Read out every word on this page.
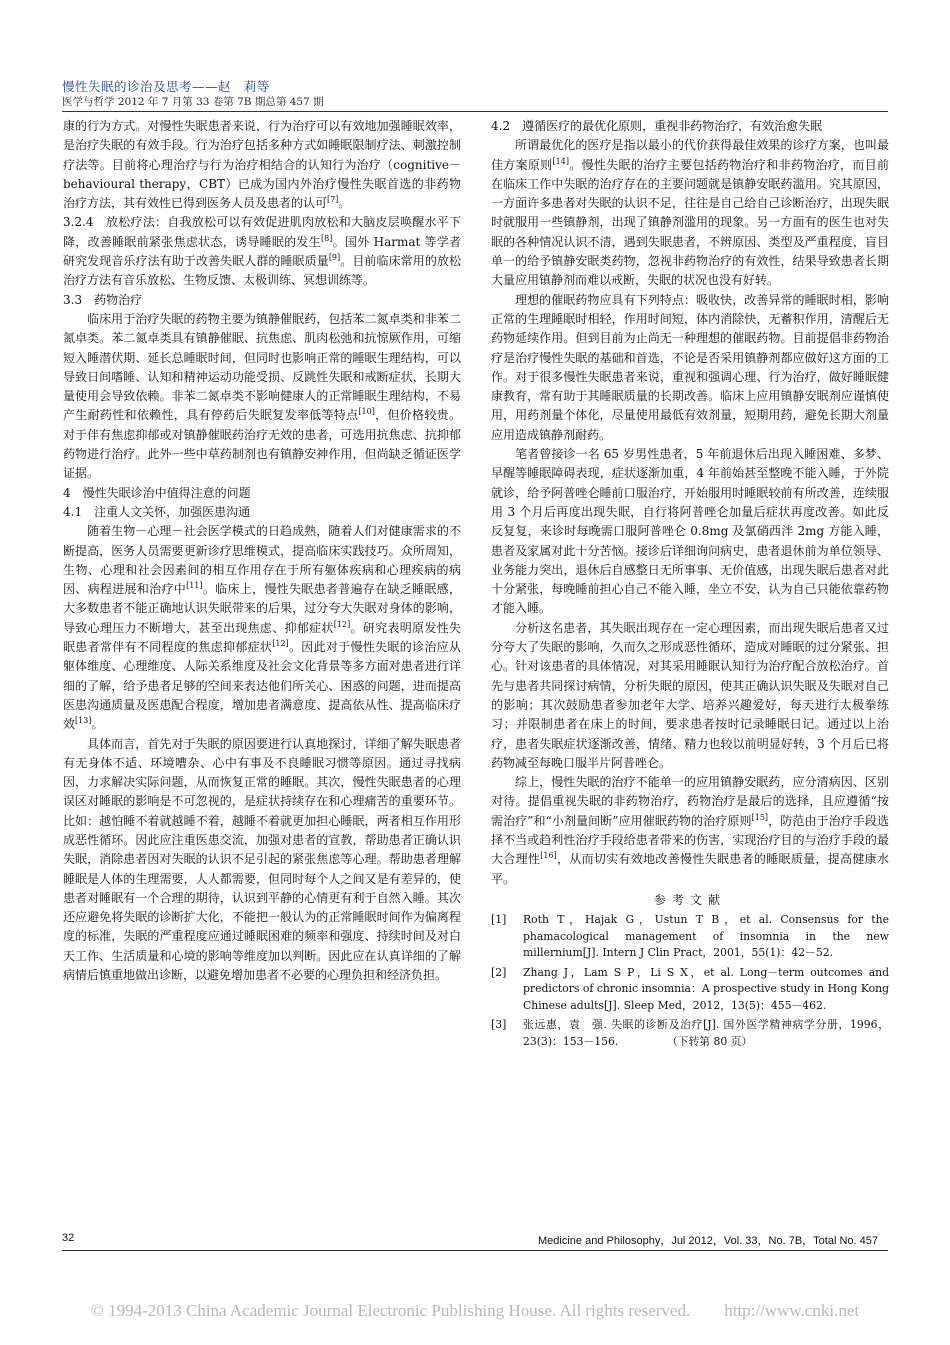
慢性失眠的诊治及思考——赵　莉等
医学与哲学 2012 年 7 月第 33 卷第 7B 期总第 457 期

康的行为方式。对慢性失眠患者来说，行为治疗可以有效地加强睡眠效率，是治疗失眠的有效手段。行为治疗包括多种方式如睡眠限制疗法、刺激控制疗法等。目前将心理治疗与行为治疗相结合的认知行为治疗（cognitive－behavioural therapy，CBT）已成为国内外治疗慢性失眠首选的非药物治疗方法，其有效性已得到医务人员及患者的认可[7]。

3.2.4　放松疗法：自我放松可以有效促进肌肉放松和大脑皮层唤醒水平下降，改善睡眠前紧张焦虑状态，诱导睡眠的发生[8]。国外 Harmat 等学者研究发现音乐疗法有助于改善失眠人群的睡眠质量[9]。目前临床常用的放松治疗方法有音乐放松、生物反馈、太极训练、冥想训练等。

3.3　药物治疗

临床用于治疗失眠的药物主要为镇静催眠药，包括苯二氮卓类和非苯二氮卓类。苯二氮卓类具有镇静催眠、抗焦虑、肌肉松弛和抗惊厥作用，可缩短入睡潜伏期、延长总睡眠时间，但同时也影响正常的睡眠生理结构，可以导致日间嗜睡、认知和精神运动功能受损、反跳性失眠和戒断症状，长期大量使用会导致依赖。非苯二氮卓类不影响健康人的正常睡眠生理结构，不易产生耐药性和依赖性，具有停药后失眠复发率低等特点[10]，但价格较贵。对于伴有焦虑抑郁或对镇静催眠药治疗无效的患者，可选用抗焦虑、抗抑郁药物进行治疗。此外一些中草药制剂也有镇静安神作用，但尚缺乏循证医学证据。

4　慢性失眠诊治中值得注意的问题

4.1　注重人文关怀，加强医患沟通

随着生物－心理－社会医学模式的日趋成熟，随着人们对健康需求的不断提高，医务人员需要更新诊疗思维模式，提高临床实践技巧。众所周知，生物、心理和社会因素间的相互作用存在于所有躯体疾病和心理疾病的病因、病程进展和治疗中[11]。临床上，慢性失眠患者普遍存在缺乏睡眠感，大多数患者不能正确地认识失眠带来的后果，过分夸大失眠对身体的影响，导致心理压力不断增大，甚至出现焦虑、抑郁症状[12]。研究表明原发性失眠患者常伴有不同程度的焦虑抑郁症状[12]。因此对于慢性失眠的诊治应从躯体维度、心理维度、人际关系维度及社会文化背景等多方面对患者进行详细的了解，给予患者足够的空间来表达他们所关心、困惑的问题，进而提高医患沟通质量及医患配合程度，增加患者满意度、提高依从性、提高临床疗效[13]。

具体而言，首先对于失眠的原因要进行认真地探讨，详细了解失眠患者有无身体不适、环境嘈杂、心中有事及不良睡眠习惯等原因。通过寻找病因，力求解决实际问题，从而恢复正常的睡眠。其次，慢性失眠患者的心理误区对睡眠的影响是不可忽视的，是症状持续存在和心理痛苦的重要环节。比如：越怕睡不着就越睡不着，越睡不着就更加担心睡眠，两者相互作用形成恶性循环。因此应注重医患交流，加强对患者的宣教，帮助患者正确认识失眠，消除患者因对失眠的认识不足引起的紧张焦虑等心理。帮助患者理解睡眠是人体的生理需要，人人都需要，但同时每个人之间又是有差异的，使患者对睡眠有一个合理的期待，认识到平静的心情更有利于自然入睡。其次还应避免将失眠的诊断扩大化，不能把一般认为的正常睡眠时间作为偏离程度的标准，失眠的严重程度应通过睡眠困难的频率和强度、持续时间及对白天工作、生活质量和心境的影响等维度加以判断。因此应在认真详细的了解病情后慎重地做出诊断，以避免增加患者不必要的心理负担和经济负担。

4.2　遵循医疗的最优化原则，重视非药物治疗，有效治愈失眠

所谓最优化的医疗是指以最小的代价获得最佳效果的诊疗方案，也叫最佳方案原则[14]。慢性失眠的治疗主要包括药物治疗和非药物治疗，而目前在临床工作中失眠的治疗存在的主要问题就是镇静安眠药滥用。究其原因，一方面许多患者对失眠的认识不足，往往是自己给自己诊断治疗，出现失眠时就服用一些镇静剂，出现了镇静剂滥用的现象。另一方面有的医生也对失眠的各种情况认识不清，遇到失眠患者，不辨原因、类型及严重程度，盲目单一的给予镇静安眠类药物，忽视非药物治疗的有效性，结果导致患者长期大量应用镇静剂而难以戒断，失眠的状况也没有好转。

理想的催眠药物应具有下列特点：吸收快，改善异常的睡眠时相，影响正常的生理睡眠时相轻，作用时间短，体内消除快，无蓄积作用，清醒后无药物延续作用。但到目前为止尚无一种理想的催眠药物。目前提倡非药物治疗是治疗慢性失眠的基础和首选，不论是否采用镇静剂都应做好这方面的工作。对于很多慢性失眠患者来说，重视和强调心理、行为治疗，做好睡眠健康教育，常有助于其睡眠质量的长期改善。临床上应用镇静安眠剂应谨慎使用，用药剂量个体化，尽量使用最低有效剂量，短期用药，避免长期大剂量应用造成镇静剂耐药。

笔者曾接诊一名 65 岁男性患者，5 年前退休后出现入睡困难、多梦、早醒等睡眠障碍表现，症状逐渐加重，4 年前始甚至整晚不能入睡，于外院就诊，给予阿普唑仑睡前口服治疗，开始服用时睡眠较前有所改善，连续服用 3 个月后再度出现失眠，自行将阿普唑仑加量后症状再度改善。如此反反复复，来诊时每晚需口服阿普唑仑 0.8mg 及氯硝西泮 2mg 方能入睡，患者及家属对此十分苦恼。接诊后详细询问病史，患者退休前为单位领导、业务能力突出，退休后自感整日无所事事、无价值感，出现失眠后患者对此十分紧张，每晚睡前担心自己不能入睡，坐立不安，认为自己只能依靠药物才能入睡。

分析这名患者，其失眠出现存在一定心理因素，而出现失眠后患者又过分夸大了失眠的影响，久而久之形成恶性循环，造成对睡眠的过分紧张、担心。针对该患者的具体情况，对其采用睡眠认知行为治疗配合放松治疗。首先与患者共同探讨病情，分析失眠的原因，使其正确认识失眠及失眠对自己的影响；其次鼓励患者参加老年大学、培养兴趣爱好，每天进行太极拳练习；并限制患者在床上的时间，要求患者按时记录睡眠日记。通过以上治疗，患者失眠症状逐渐改善，情绪、精力也较以前明显好转，3 个月后已将药物减至每晚口服半片阿普唑仑。

综上，慢性失眠的治疗不能单一的应用镇静安眠药，应分清病因、区别对待。提倡重视失眠的非药物治疗，药物治疗是最后的选择，且应遵循“按需治疗”和“小剂量间断”应用催眠药物的治疗原则[15]，防范由于治疗手段选择不当或趋利性治疗手段给患者带来的伤害，实现治疗目的与治疗手段的最大合理性[16]，从而切实有效地改善慢性失眠患者的睡眠质量，提高健康水平。

参考文献
[1]	Roth T，Hajak G，Ustun T B，et al. Consensus for the phamacological management of insomnia in the new millernium[J]. Intern J Clin Pract，2001，55(1)：42－52.
[2]	Zhang J，Lam S P，Li S X，et al. Long－term outcomes and predictors of chronic insomnia：A prospective study in Hong Kong Chinese adults[J]. Sleep Med，2012，13(5)：455－462.
[3]	张远惠，袁　强. 失眠的诊断及治疗[J]. 国外医学精神病学分册，1996，23(3)：153－156.　　　　　（下转第 80 页）
32	Medicine and Philosophy，Jul 2012，Vol. 33，No. 7B，Total No. 457
© 1994-2013 China Academic Journal Electronic Publishing House. All rights reserved.　　http://www.cnki.net
